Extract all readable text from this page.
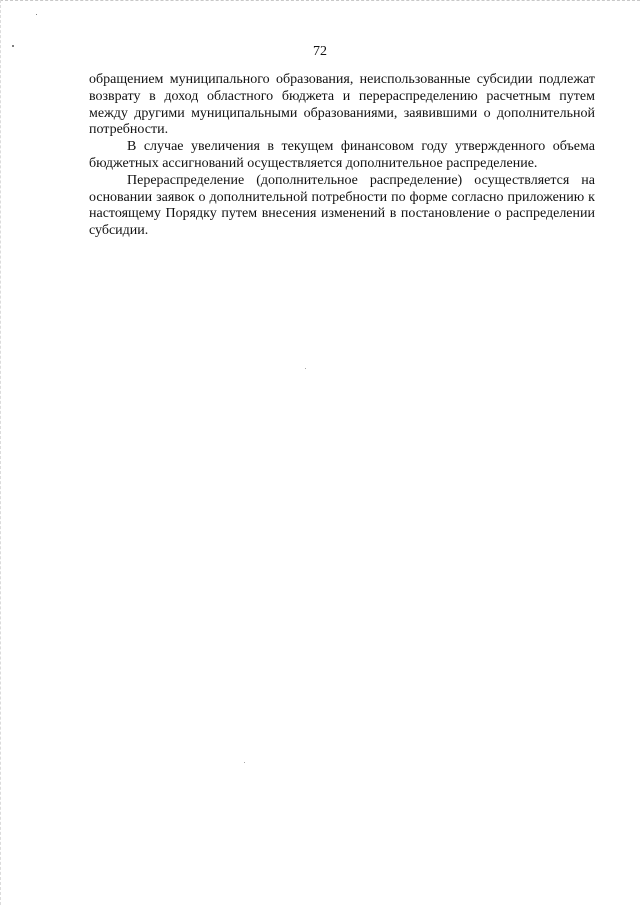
72

обращением муниципального образования, неиспользованные субсидии подлежат возврату в доход областного бюджета и перераспределению расчетным путем между другими муниципальными образованиями, заявившими о дополнительной потребности.

В случае увеличения в текущем финансовом году утвержденного объема бюджетных ассигнований осуществляется дополнительное распределение.

Перераспределение (дополнительное распределение) осуществляется на основании заявок о дополнительной потребности по форме согласно приложению к настоящему Порядку путем внесения изменений в постановление о распределении субсидии.
